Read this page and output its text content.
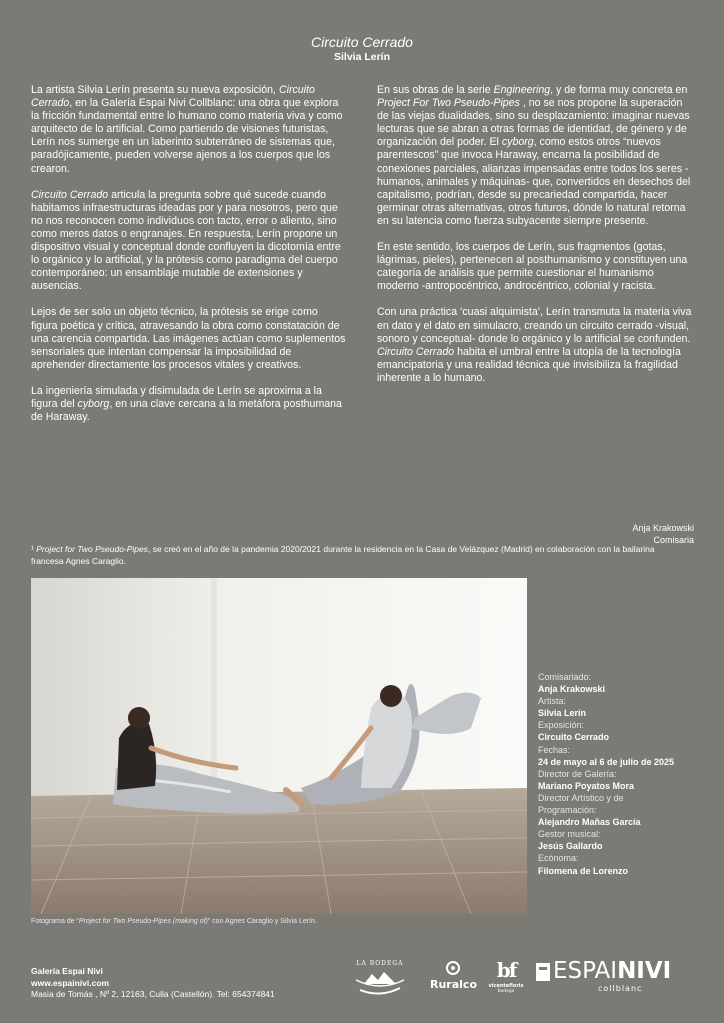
Circuito Cerrado
Silvia Lerín

La artista Silvia Lerín presenta su nueva exposición, Circuito Cerrado, en la Galería Espai Nivi Collblanc: una obra que explora la fricción fundamental entre lo humano como materia viva y como arquitecto de lo artificial. Como partiendo de visiones futuristas, Lerín nos sumerge en un laberinto subterráneo de sistemas que, paradójicamente, pueden volverse ajenos a los cuerpos que los crearon.

Circuito Cerrado articula la pregunta sobre qué sucede cuando habitamos infraestructuras ideadas por y para nosotros, pero que no nos reconocen como individuos con tacto, error o aliento, sino como meros datos o engranajes. En respuesta, Lerín propone un dispositivo visual y conceptual donde confluyen la dicotomía entre lo orgánico y lo artificial, y la prótesis como paradigma del cuerpo contemporáneo: un ensamblaje mutable de extensiones y ausencias.

Lejos de ser solo un objeto técnico, la prótesis se erige como figura poética y crítica, atravesando la obra como constatación de una carencia compartida. Las imágenes actúan como suplementos sensoriales que intentan compensar la imposibilidad de aprehender directamente los procesos vitales y creativos.

La ingeniería simulada y disimulada de Lerín se aproxima a la figura del cyborg, en una clave cercana a la metáfora posthumana de Haraway.

En sus obras de la serie Engineering, y de forma muy concreta en Project For Two Pseudo-Pipes , no se nos propone la superación de las viejas dualidades, sino su desplazamiento: imaginar nuevas lecturas que se abran a otras formas de identidad, de género y de organización del poder. El cyborg, como estos otros “nuevos parentescos” que invoca Haraway, encarna la posibilidad de conexiones parciales, alianzas impensadas entre todos los seres -humanos, animales y máquinas- que, convertidos en desechos del capitalismo, podrían, desde su precariedad compartida, hacer germinar otras alternativas, otros futuros, dónde lo natural retorna en su latencia como fuerza subyacente siempre presente.

En este sentido, los cuerpos de Lerín, sus fragmentos (gotas, lágrimas, pieles), pertenecen al posthumanismo y constituyen una categoría de análisis que permite cuestionar el humanismo moderno -antropocéntrico, androcéntrico, colonial y racista.

Con una práctica ‘cuasi alquimista’, Lerín transmuta la materia viva en dato y el dato en simulacro, creando un circuito cerrado -visual, sonoro y conceptual- donde lo orgánico y lo artificial se confunden. Circuito Cerrado habita el umbral entre la utopía de la tecnología emancipatoria y una realidad técnica que invisibiliza la fragilidad inherente a lo humano.

Anja Krakowski
Comisaria
¹ Project for Two Pseudo-Pipes, se creó en el año de la pandemia 2020/2021 durante la residencia en la Casa de Velázquez (Madrid) en colaboración con la bailarina francesa Agnes Caraglio.
Fotograma de “Project for Two Pseudo-Pipes (making of)” con Agnes Caraglio y Silvia Lerín.
Comisariado:
Anja Krakowski
Artista:
Silvia Lerín
Exposición:
Circuito Cerrado
Fechas:
24 de mayo al 6 de julio de 2025
Director de Galería:
Mariano Poyatos Mora
Director Artístico y de Programación:
Alejandro Mañas García
Gestor musical:
Jesús Gallardo
Ecónoma:
Filomena de Lorenzo
Galería Espai Nivi
www.espainivi.com
Masia de Tomás , Nº 2, 12163, Culla (Castellón). Tel: 654374841
LA BODEGA
Ruralco
bf
vicentefloris
bodega
ESPAINIVI
collblanc
